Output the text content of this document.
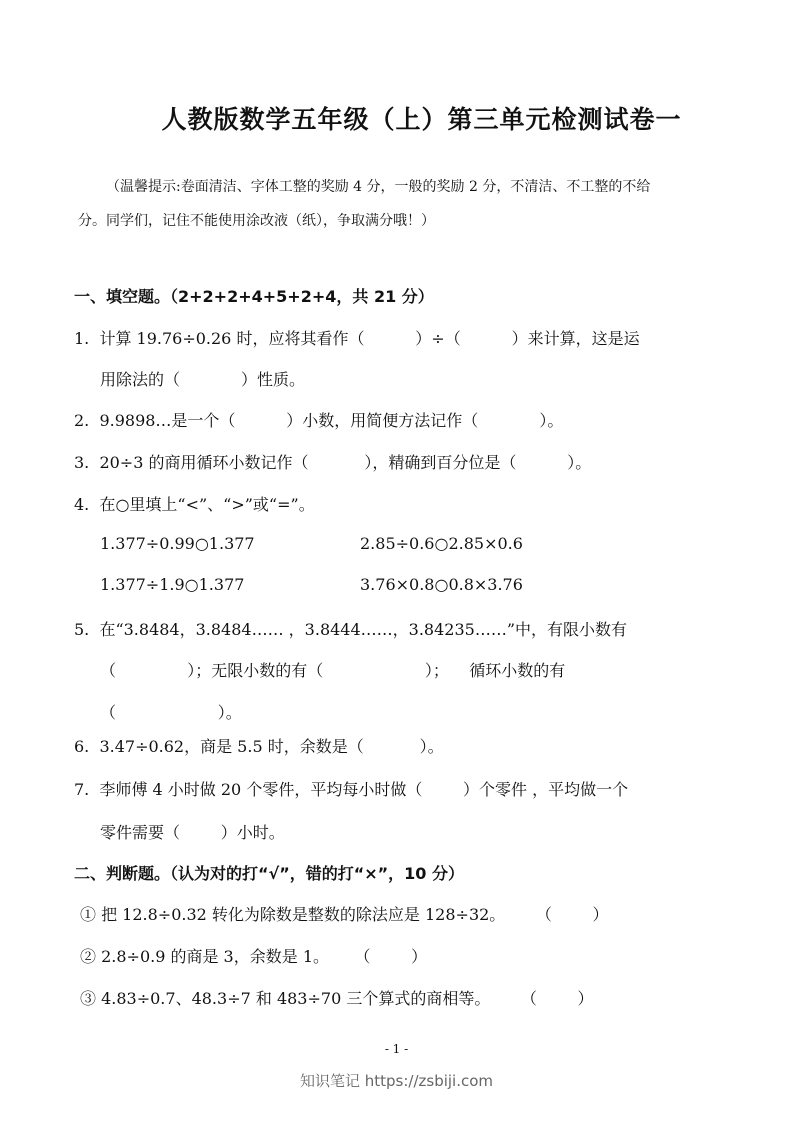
人教版数学五年级（上）第三单元检测试卷一
（温馨提示:卷面清洁、字体工整的奖励 4 分，一般的奖励 2 分，不清洁、不工整的不给
分。同学们，记住不能使用涂改液（纸），争取满分哦！）
一、填空题。（2+2+2+4+5+2+4，共 21 分）
1.  计算 19.76÷0.26 时，应将其看作（          ）÷（          ）来计算，这是运
用除法的（            ）性质。
2.  9.9898…是一个（          ）小数，用简便方法记作（            ）。
3.  20÷3 的商用循环小数记作（           ），精确到百分位是（          ）。
4.  在○里填上“<”、“>”或“=”。
1.377÷0.99○1.377	2.85÷0.6○2.85×0.6
1.377÷1.9○1.377	3.76×0.8○0.8×3.76
5.  在“3.8484，3.8484…… ，3.8444……，3.84235……”中，有限小数有
（              ）；无限小数的有（                    ）；    循环小数的有
（                    ）。
6.  3.47÷0.62，商是 5.5 时，余数是（           ）。
7.  李师傅 4 小时做 20 个零件，平均每小时做（        ）个零件 ，平均做一个
零件需要（        ）小时。
二、判断题。（认为对的打“√”，错的打“×”，10 分）
① 把 12.8÷0.32 转化为除数是整数的除法应是 128÷32。      （        ）
② 2.8÷0.9 的商是 3，余数是 1。     （        ）
③ 4.83÷0.7、48.3÷7 和 483÷70 三个算式的商相等。      （        ）
- 1 -
知识笔记 https://zsbiji.com
